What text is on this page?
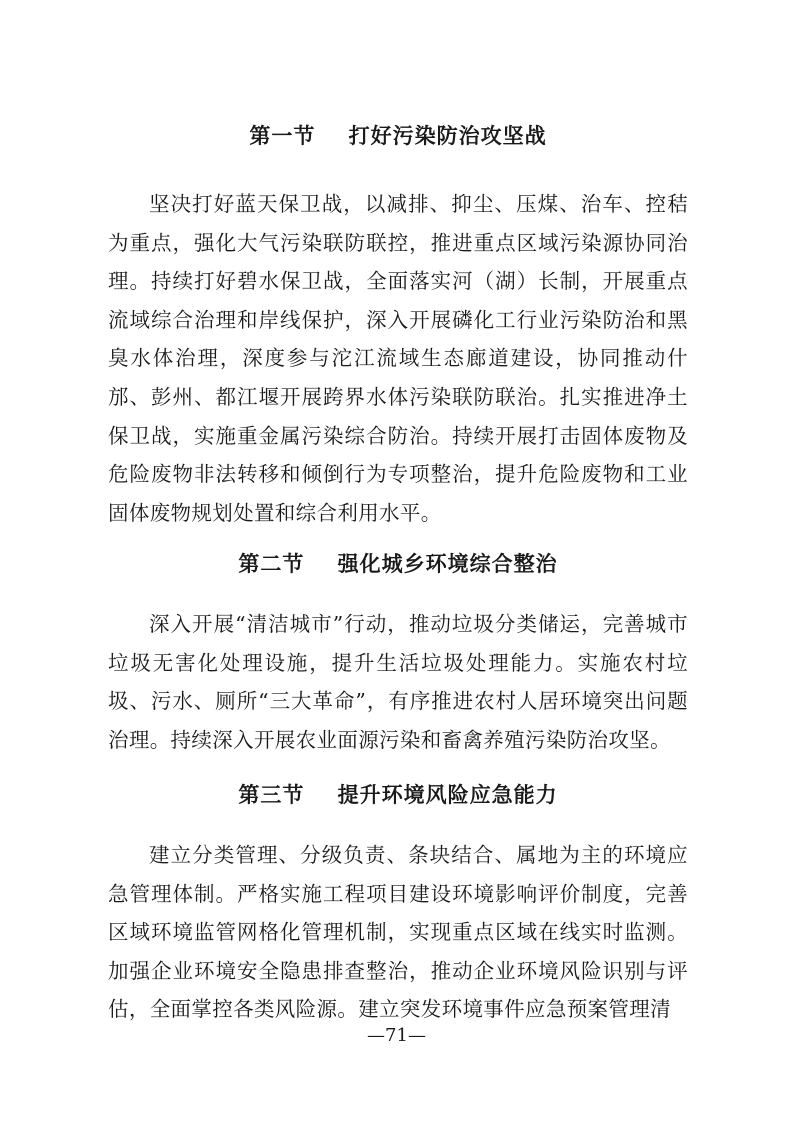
第一节    打好污染防治攻坚战

坚决打好蓝天保卫战，以减排、抑尘、压煤、治车、控秸为重点，强化大气污染联防联控，推进重点区域污染源协同治理。持续打好碧水保卫战，全面落实河（湖）长制，开展重点流域综合治理和岸线保护，深入开展磷化工行业污染防治和黑臭水体治理，深度参与沱江流域生态廊道建设，协同推动什邡、彭州、都江堰开展跨界水体污染联防联治。扎实推进净土保卫战，实施重金属污染综合防治。持续开展打击固体废物及危险废物非法转移和倾倒行为专项整治，提升危险废物和工业固体废物规划处置和综合利用水平。

第二节    强化城乡环境综合整治

深入开展“清洁城市”行动，推动垃圾分类储运，完善城市垃圾无害化处理设施，提升生活垃圾处理能力。实施农村垃圾、污水、厕所“三大革命”，有序推进农村人居环境突出问题治理。持续深入开展农业面源污染和畜禽养殖污染防治攻坚。

第三节    提升环境风险应急能力

建立分类管理、分级负责、条块结合、属地为主的环境应急管理体制。严格实施工程项目建设环境影响评价制度，完善区域环境监管网格化管理机制，实现重点区域在线实时监测。加强企业环境安全隐患排查整治，推动企业环境风险识别与评估，全面掌控各类风险源。建立突发环境事件应急预案管理清

—71—
